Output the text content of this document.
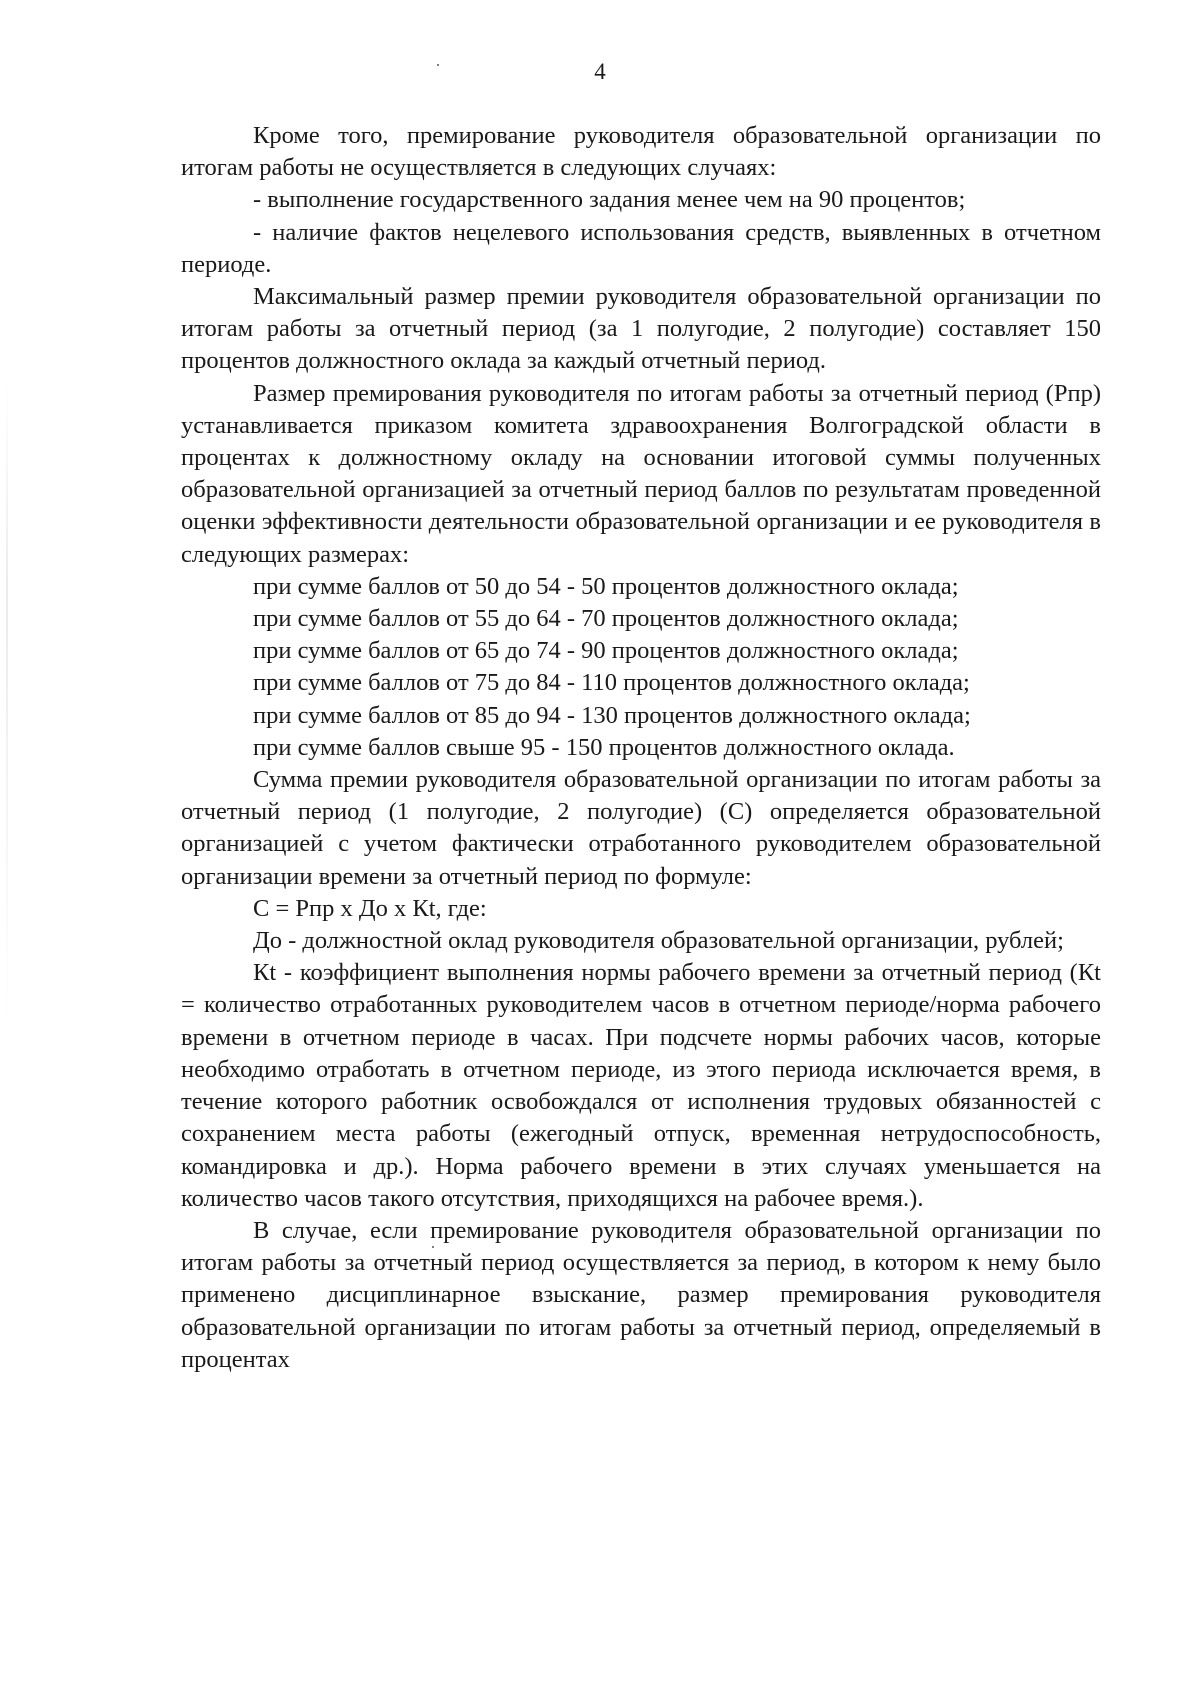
4

Кроме того, премирование руководителя образовательной организации по итогам работы не осуществляется в следующих случаях:

- выполнение государственного задания менее чем на 90 процентов;

- наличие фактов нецелевого использования средств, выявленных в отчетном периоде.

Максимальный размер премии руководителя образовательной организации по итогам работы за отчетный период (за 1 полугодие, 2 полугодие) составляет 150 процентов должностного оклада за каждый отчетный период.

Размер премирования руководителя по итогам работы за отчетный период (Рпр) устанавливается приказом комитета здравоохранения Волгоградской области в процентах к должностному окладу на основании итоговой суммы полученных образовательной организацией за отчетный период баллов по результатам проведенной оценки эффективности деятельности образовательной организации и ее руководителя в следующих размерах:

при сумме баллов от 50 до 54 - 50 процентов должностного оклада;

при сумме баллов от 55 до 64 - 70 процентов должностного оклада;

при сумме баллов от 65 до 74 - 90 процентов должностного оклада;

при сумме баллов от 75 до 84 - 110 процентов должностного оклада;

при сумме баллов от 85 до 94 - 130 процентов должностного оклада;

при сумме баллов свыше 95 - 150 процентов должностного оклада.

Сумма премии руководителя образовательной организации по итогам работы за отчетный период (1 полугодие, 2 полугодие) (С) определяется образовательной организацией с учетом фактически отработанного руководителем образовательной организации времени за отчетный период по формуле:

С = Рпр х До х Кt, где:

До - должностной оклад руководителя образовательной организации, рублей;

Кt - коэффициент выполнения нормы рабочего времени за отчетный период (Кt = количество отработанных руководителем часов в отчетном периоде/норма рабочего времени в отчетном периоде в часах. При подсчете нормы рабочих часов, которые необходимо отработать в отчетном периоде, из этого периода исключается время, в течение которого работник освобождался от исполнения трудовых обязанностей с сохранением места работы (ежегодный отпуск, временная нетрудоспособность, командировка и др.). Норма рабочего времени в этих случаях уменьшается на количество часов такого отсутствия, приходящихся на рабочее время.).

В случае, если премирование руководителя образовательной организации по итогам работы за отчетный период осуществляется за период, в котором к нему было применено дисциплинарное взыскание, размер премирования руководителя образовательной организации по итогам работы за отчетный период, определяемый в процентах
